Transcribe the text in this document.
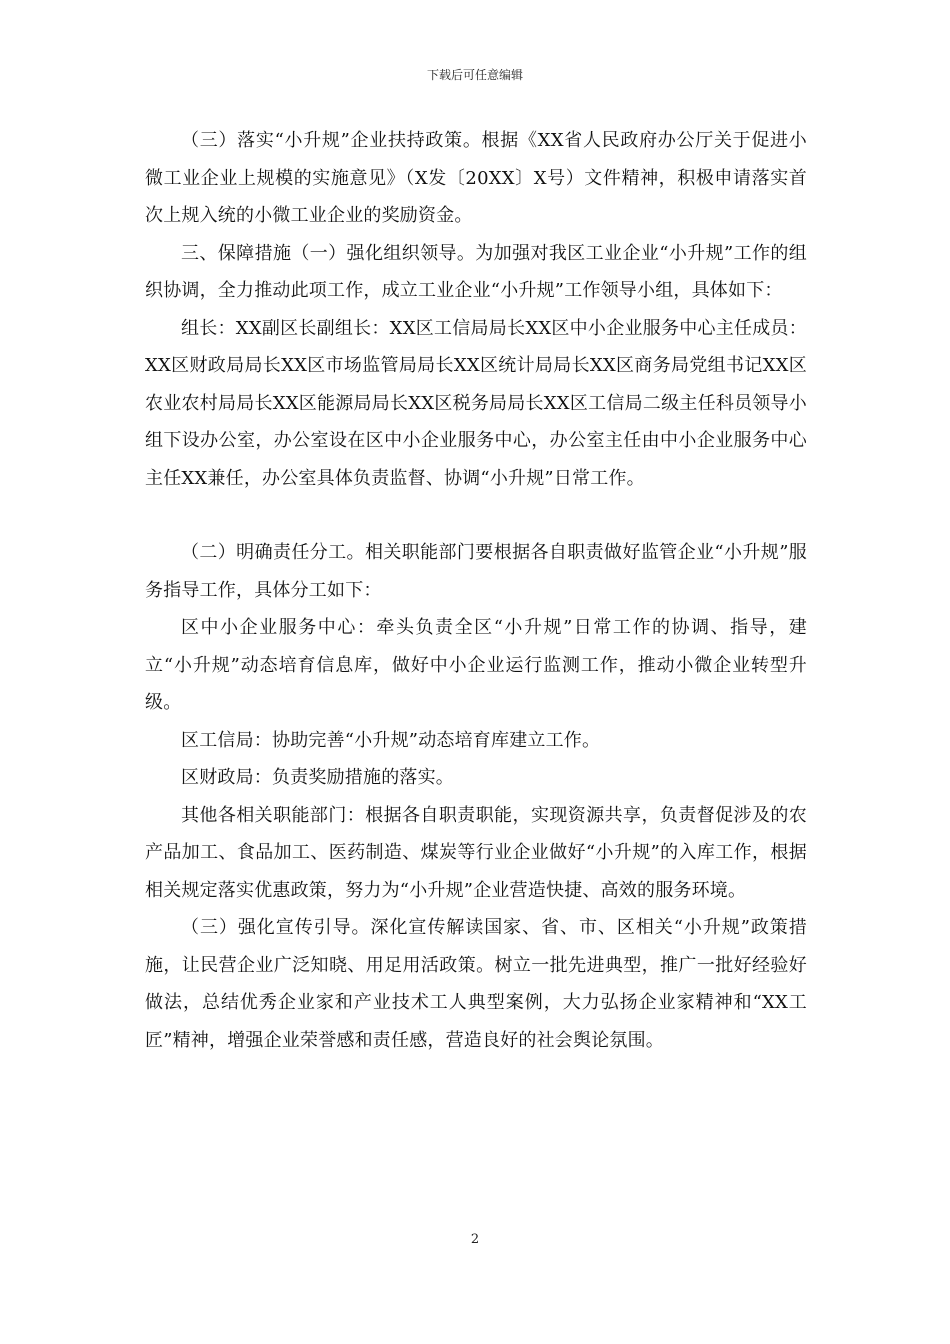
下载后可任意编辑

（三）落实“小升规”企业扶持政策。根据《XX省人民政府办公厅关于促进小微工业企业上规模的实施意见》（X发〔20XX〕X号）文件精神，积极申请落实首次上规入统的小微工业企业的奖励资金。

三、保障措施（一）强化组织领导。为加强对我区工业企业“小升规”工作的组织协调，全力推动此项工作，成立工业企业“小升规”工作领导小组，具体如下：

组长：XX副区长副组长：XX区工信局局长XX区中小企业服务中心主任成员：XX区财政局局长XX区市场监管局局长XX区统计局局长XX区商务局党组书记XX区农业农村局局长XX区能源局局长XX区税务局局长XX区工信局二级主任科员领导小组下设办公室，办公室设在区中小企业服务中心，办公室主任由中小企业服务中心主任XX兼任，办公室具体负责监督、协调“小升规”日常工作。

（二）明确责任分工。相关职能部门要根据各自职责做好监管企业“小升规”服务指导工作，具体分工如下：

区中小企业服务中心：牵头负责全区“小升规”日常工作的协调、指导，建立“小升规”动态培育信息库，做好中小企业运行监测工作，推动小微企业转型升级。

区工信局：协助完善“小升规”动态培育库建立工作。

区财政局：负责奖励措施的落实。

其他各相关职能部门：根据各自职责职能，实现资源共享，负责督促涉及的农产品加工、食品加工、医药制造、煤炭等行业企业做好“小升规”的入库工作，根据相关规定落实优惠政策，努力为“小升规”企业营造快捷、高效的服务环境。

（三）强化宣传引导。深化宣传解读国家、省、市、区相关“小升规”政策措施，让民营企业广泛知晓、用足用活政策。树立一批先进典型，推广一批好经验好做法，总结优秀企业家和产业技术工人典型案例，大力弘扬企业家精神和“XX工匠”精神，增强企业荣誉感和责任感，营造良好的社会舆论氛围。

2
